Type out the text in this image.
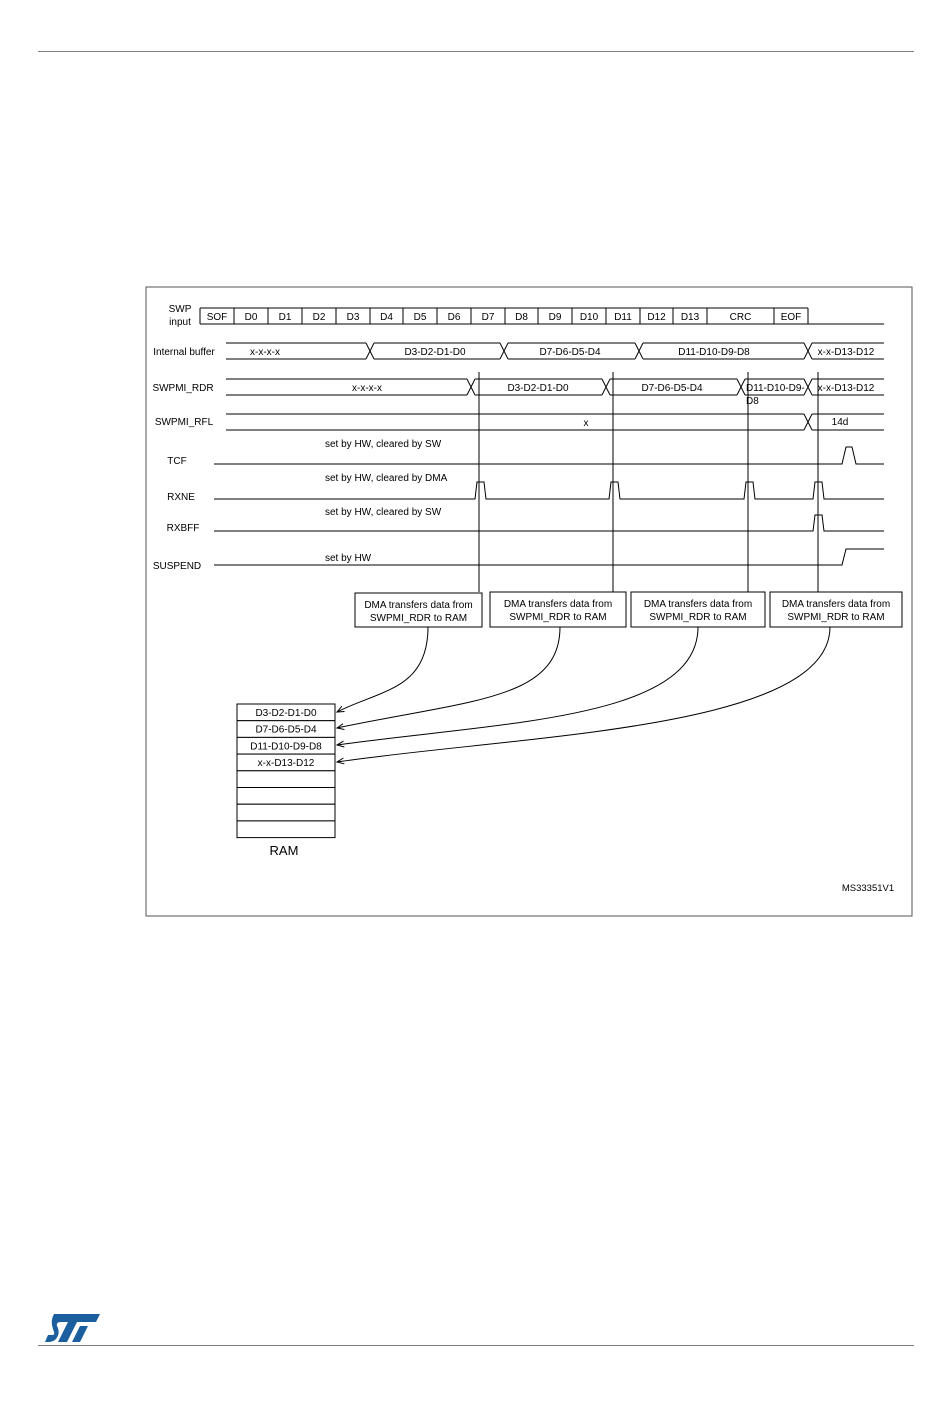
SWP input
Internal buffer
SWPMI_RDR
SWPMI_RFL
TCF
RXNE
RXBFF
SUSPEND
SOF D0 D1 D2 D3 D4 D5 D6 D7 D8 D9 D10 D11 D12 D13	CRC	EOF
x-x-x-x	D3-D2-D1-D0	D7-D6-D5-D4	D11-D10-D9-D8	x-x-D13-D12
x-x-x-x	D3-D2-D1-D0	D7-D6-D5-D4	D11-D10-D9-D8
x-x-D13-D12
x	14d
set by HW, cleared by SW
set by HW, cleared by DMA
set by HW, cleared by SW
set by HW
DMA transfers data from SWPMI_RDR to RAM
DMA transfers data from SWPMI_RDR to RAM
DMA transfers data from SWPMI_RDR to RAM
DMA transfers data from SWPMI_RDR to RAM
D3-D2-D1-D0
D7-D6-D5-D4
D11-D10-D9-D8
x-x-D13-D12
RAM
MS33351V1
